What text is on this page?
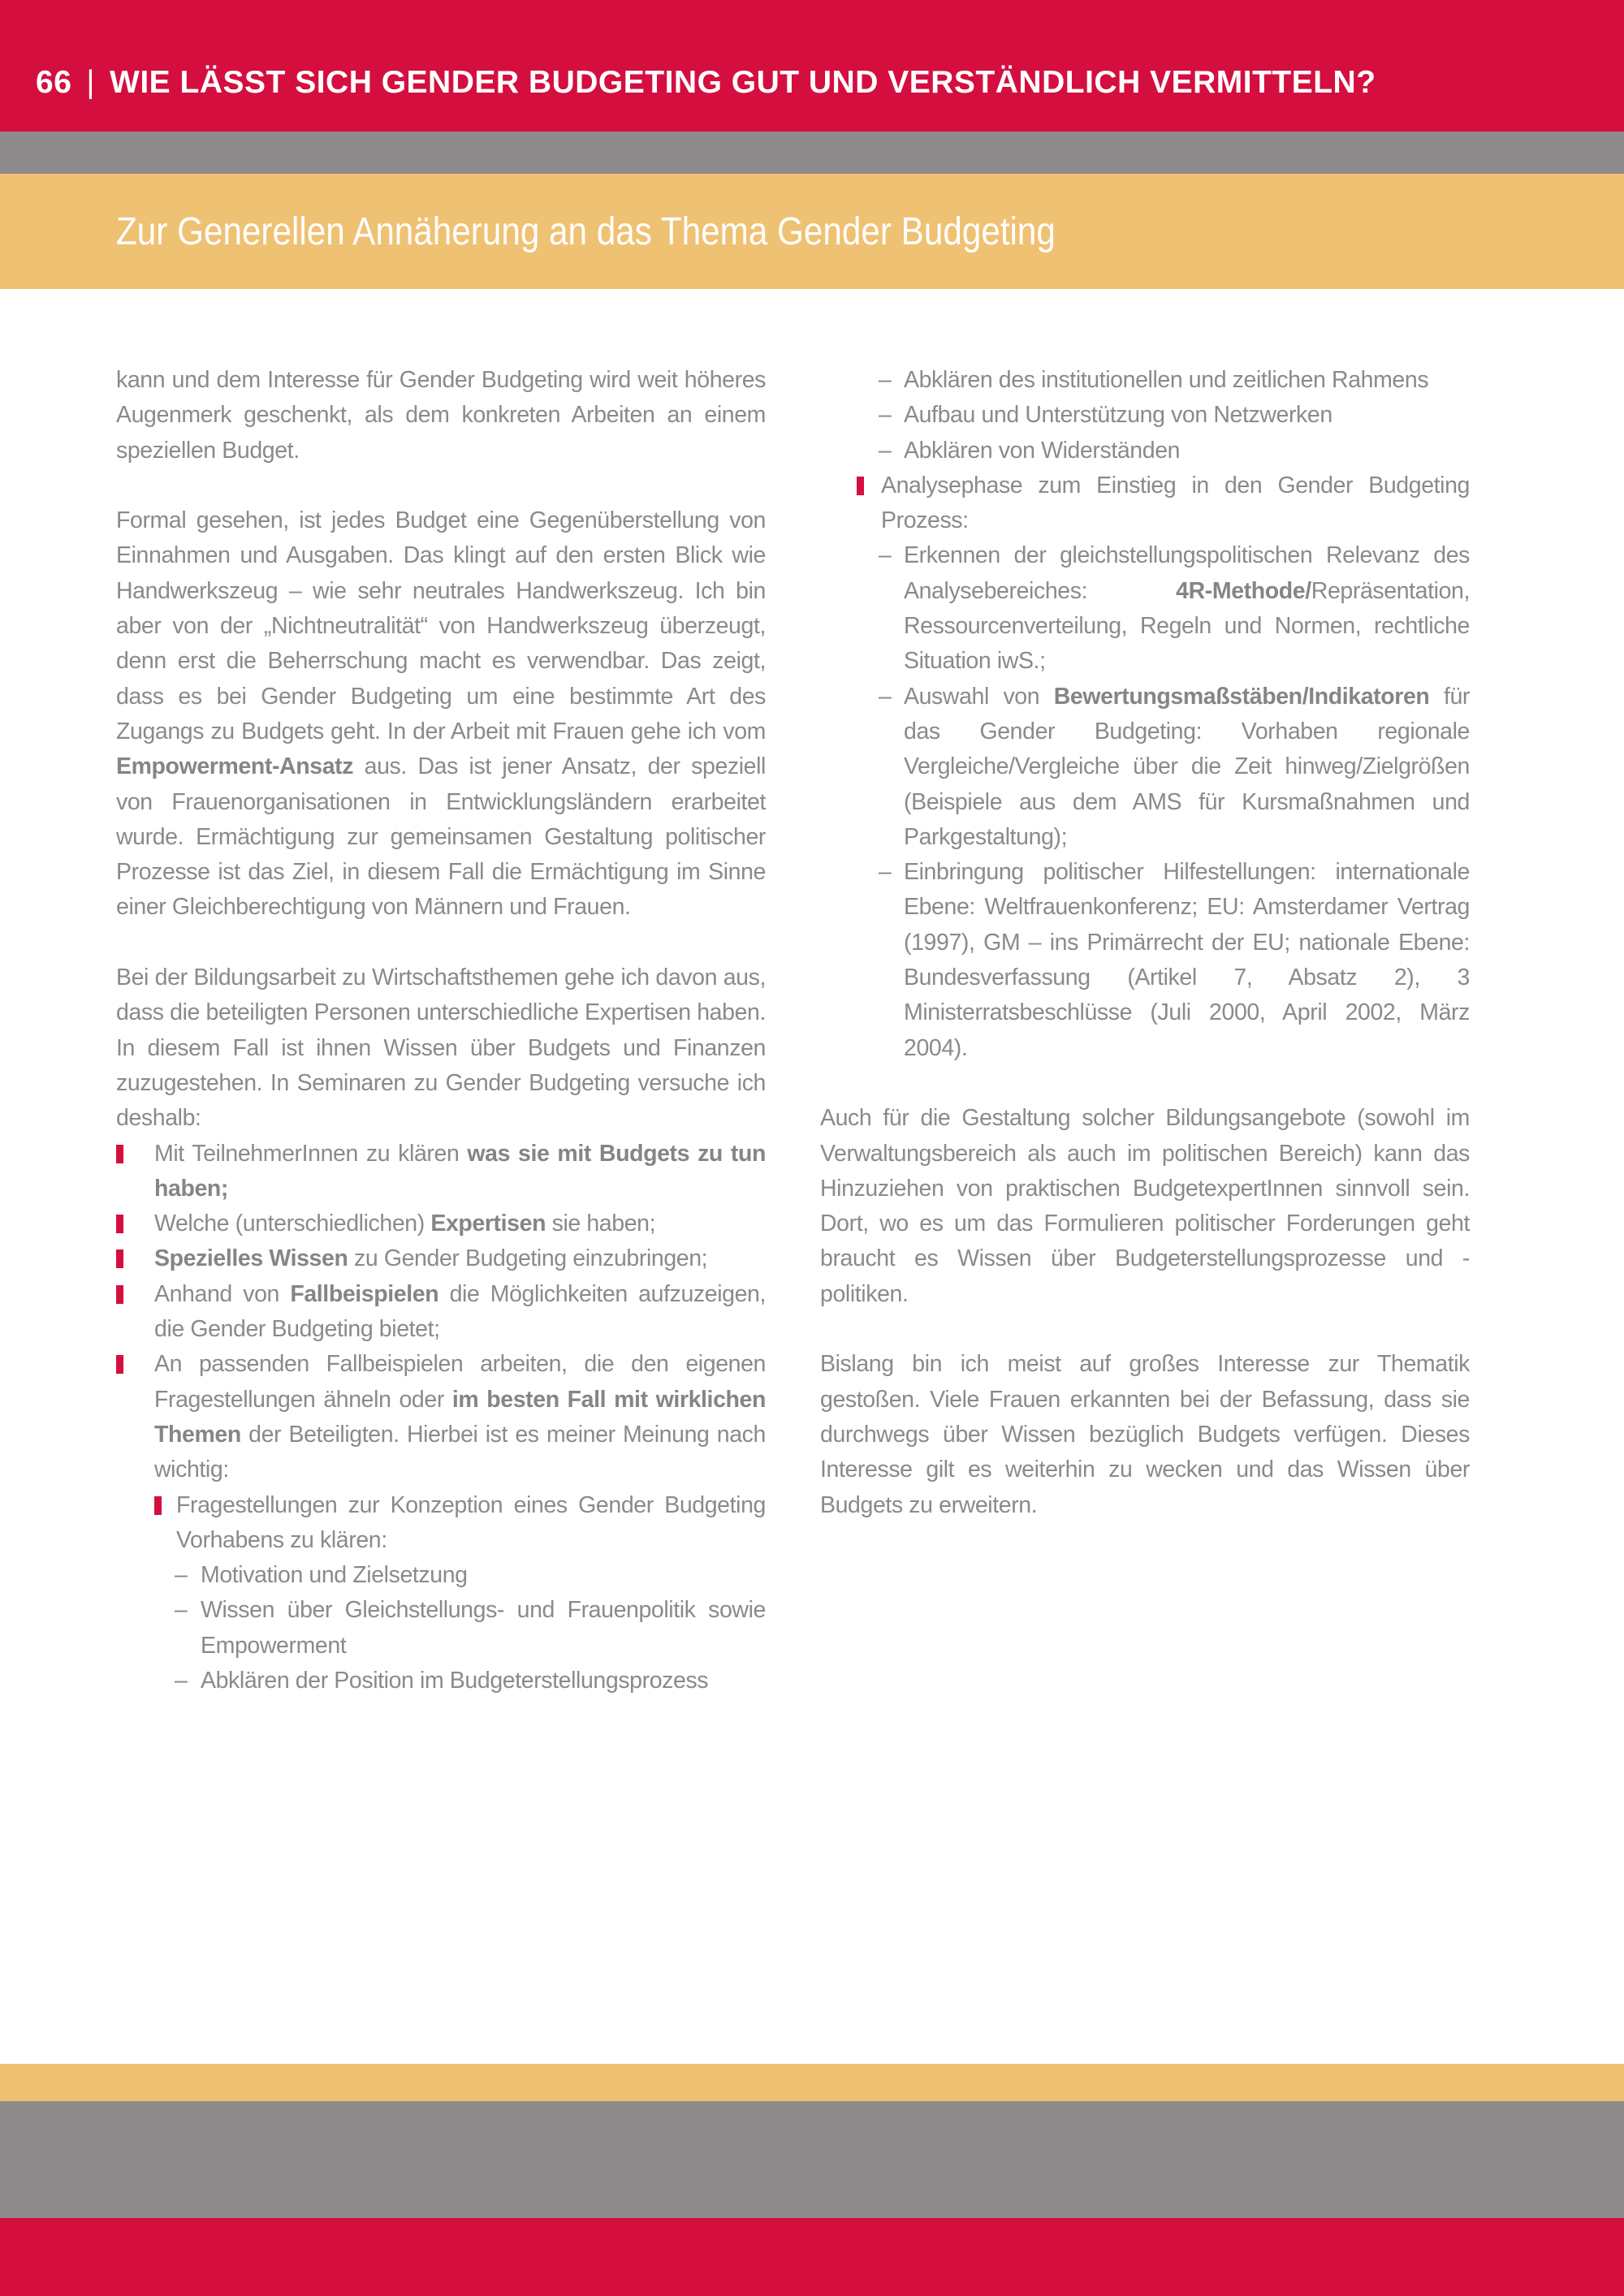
66 | WIE LÄSST SICH GENDER BUDGETING GUT UND VERSTÄNDLICH VERMITTELN?
Zur Generellen Annäherung an das Thema Gender Budgeting
kann und dem Interesse für Gender Budgeting wird weit höheres Augenmerk geschenkt, als dem konkreten Arbeiten an einem speziellen Budget.
Formal gesehen, ist jedes Budget eine Gegenüberstellung von Einnahmen und Ausgaben. Das klingt auf den ersten Blick wie Handwerkszeug – wie sehr neutrales Handwerkszeug. Ich bin aber von der „Nichtneutralität“ von Handwerkszeug überzeugt, denn erst die Beherrschung macht es verwendbar. Das zeigt, dass es bei Gender Budgeting um eine bestimmte Art des Zugangs zu Budgets geht. In der Arbeit mit Frauen gehe ich vom Empowerment-Ansatz aus. Das ist jener Ansatz, der speziell von Frauenorganisationen in Entwicklungsländern erarbeitet wurde. Ermächtigung zur gemeinsamen Gestaltung politischer Prozesse ist das Ziel, in diesem Fall die Ermächtigung im Sinne einer Gleichberechtigung von Männern und Frauen.
Bei der Bildungsarbeit zu Wirtschaftsthemen gehe ich davon aus, dass die beteiligten Personen unterschiedliche Expertisen haben. In diesem Fall ist ihnen Wissen über Budgets und Finanzen zuzugestehen. In Seminaren zu Gender Budgeting versuche ich deshalb:
Mit TeilnehmerInnen zu klären was sie mit Budgets zu tun haben;
Welche (unterschiedlichen) Expertisen sie haben;
Spezielles Wissen zu Gender Budgeting einzubringen;
Anhand von Fallbeispielen die Möglichkeiten aufzuzeigen, die Gender Budgeting bietet;
An passenden Fallbeispielen arbeiten, die den eigenen Fragestellungen ähneln oder im besten Fall mit wirklichen Themen der Beteiligten. Hierbei ist es meiner Meinung nach wichtig:
Fragestellungen zur Konzeption eines Gender Budgeting Vorhabens zu klären:
– Motivation und Zielsetzung
– Wissen über Gleichstellungs- und Frauenpolitik sowie Empowerment
– Abklären der Position im Budgeterstellungsprozess
– Abklären des institutionellen und zeitlichen Rahmens
– Aufbau und Unterstützung von Netzwerken
– Abklären von Widerständen
Analysephase zum Einstieg in den Gender Budgeting Prozess:
– Erkennen der gleichstellungspolitischen Relevanz des Analysebereiches: 4R-Methode/Repräsentation, Ressourcenverteilung, Regeln und Normen, rechtliche Situation iwS.;
– Auswahl von Bewertungsmaßstäben/Indikatoren für das Gender Budgeting: Vorhaben regionale Vergleiche/Vergleiche über die Zeit hinweg/Zielgrößen (Beispiele aus dem AMS für Kursmaßnahmen und Parkgestaltung);
– Einbringung politischer Hilfestellungen: internationale Ebene: Weltfrauenkonferenz; EU: Amsterdamer Vertrag (1997), GM – ins Primärrecht der EU; nationale Ebene: Bundesverfassung (Artikel 7, Absatz 2), 3 Ministerratsbeschlüsse (Juli 2000, April 2002, März 2004).
Auch für die Gestaltung solcher Bildungsangebote (sowohl im Verwaltungsbereich als auch im politischen Bereich) kann das Hinzuziehen von praktischen BudgetexpertInnen sinnvoll sein. Dort, wo es um das Formulieren politischer Forderungen geht braucht es Wissen über Budgeterstellungsprozesse und -politiken.
Bislang bin ich meist auf großes Interesse zur Thematik gestoßen. Viele Frauen erkannten bei der Befassung, dass sie durchwegs über Wissen bezüglich Budgets verfügen. Dieses Interesse gilt es weiterhin zu wecken und das Wissen über Budgets zu erweitern.
